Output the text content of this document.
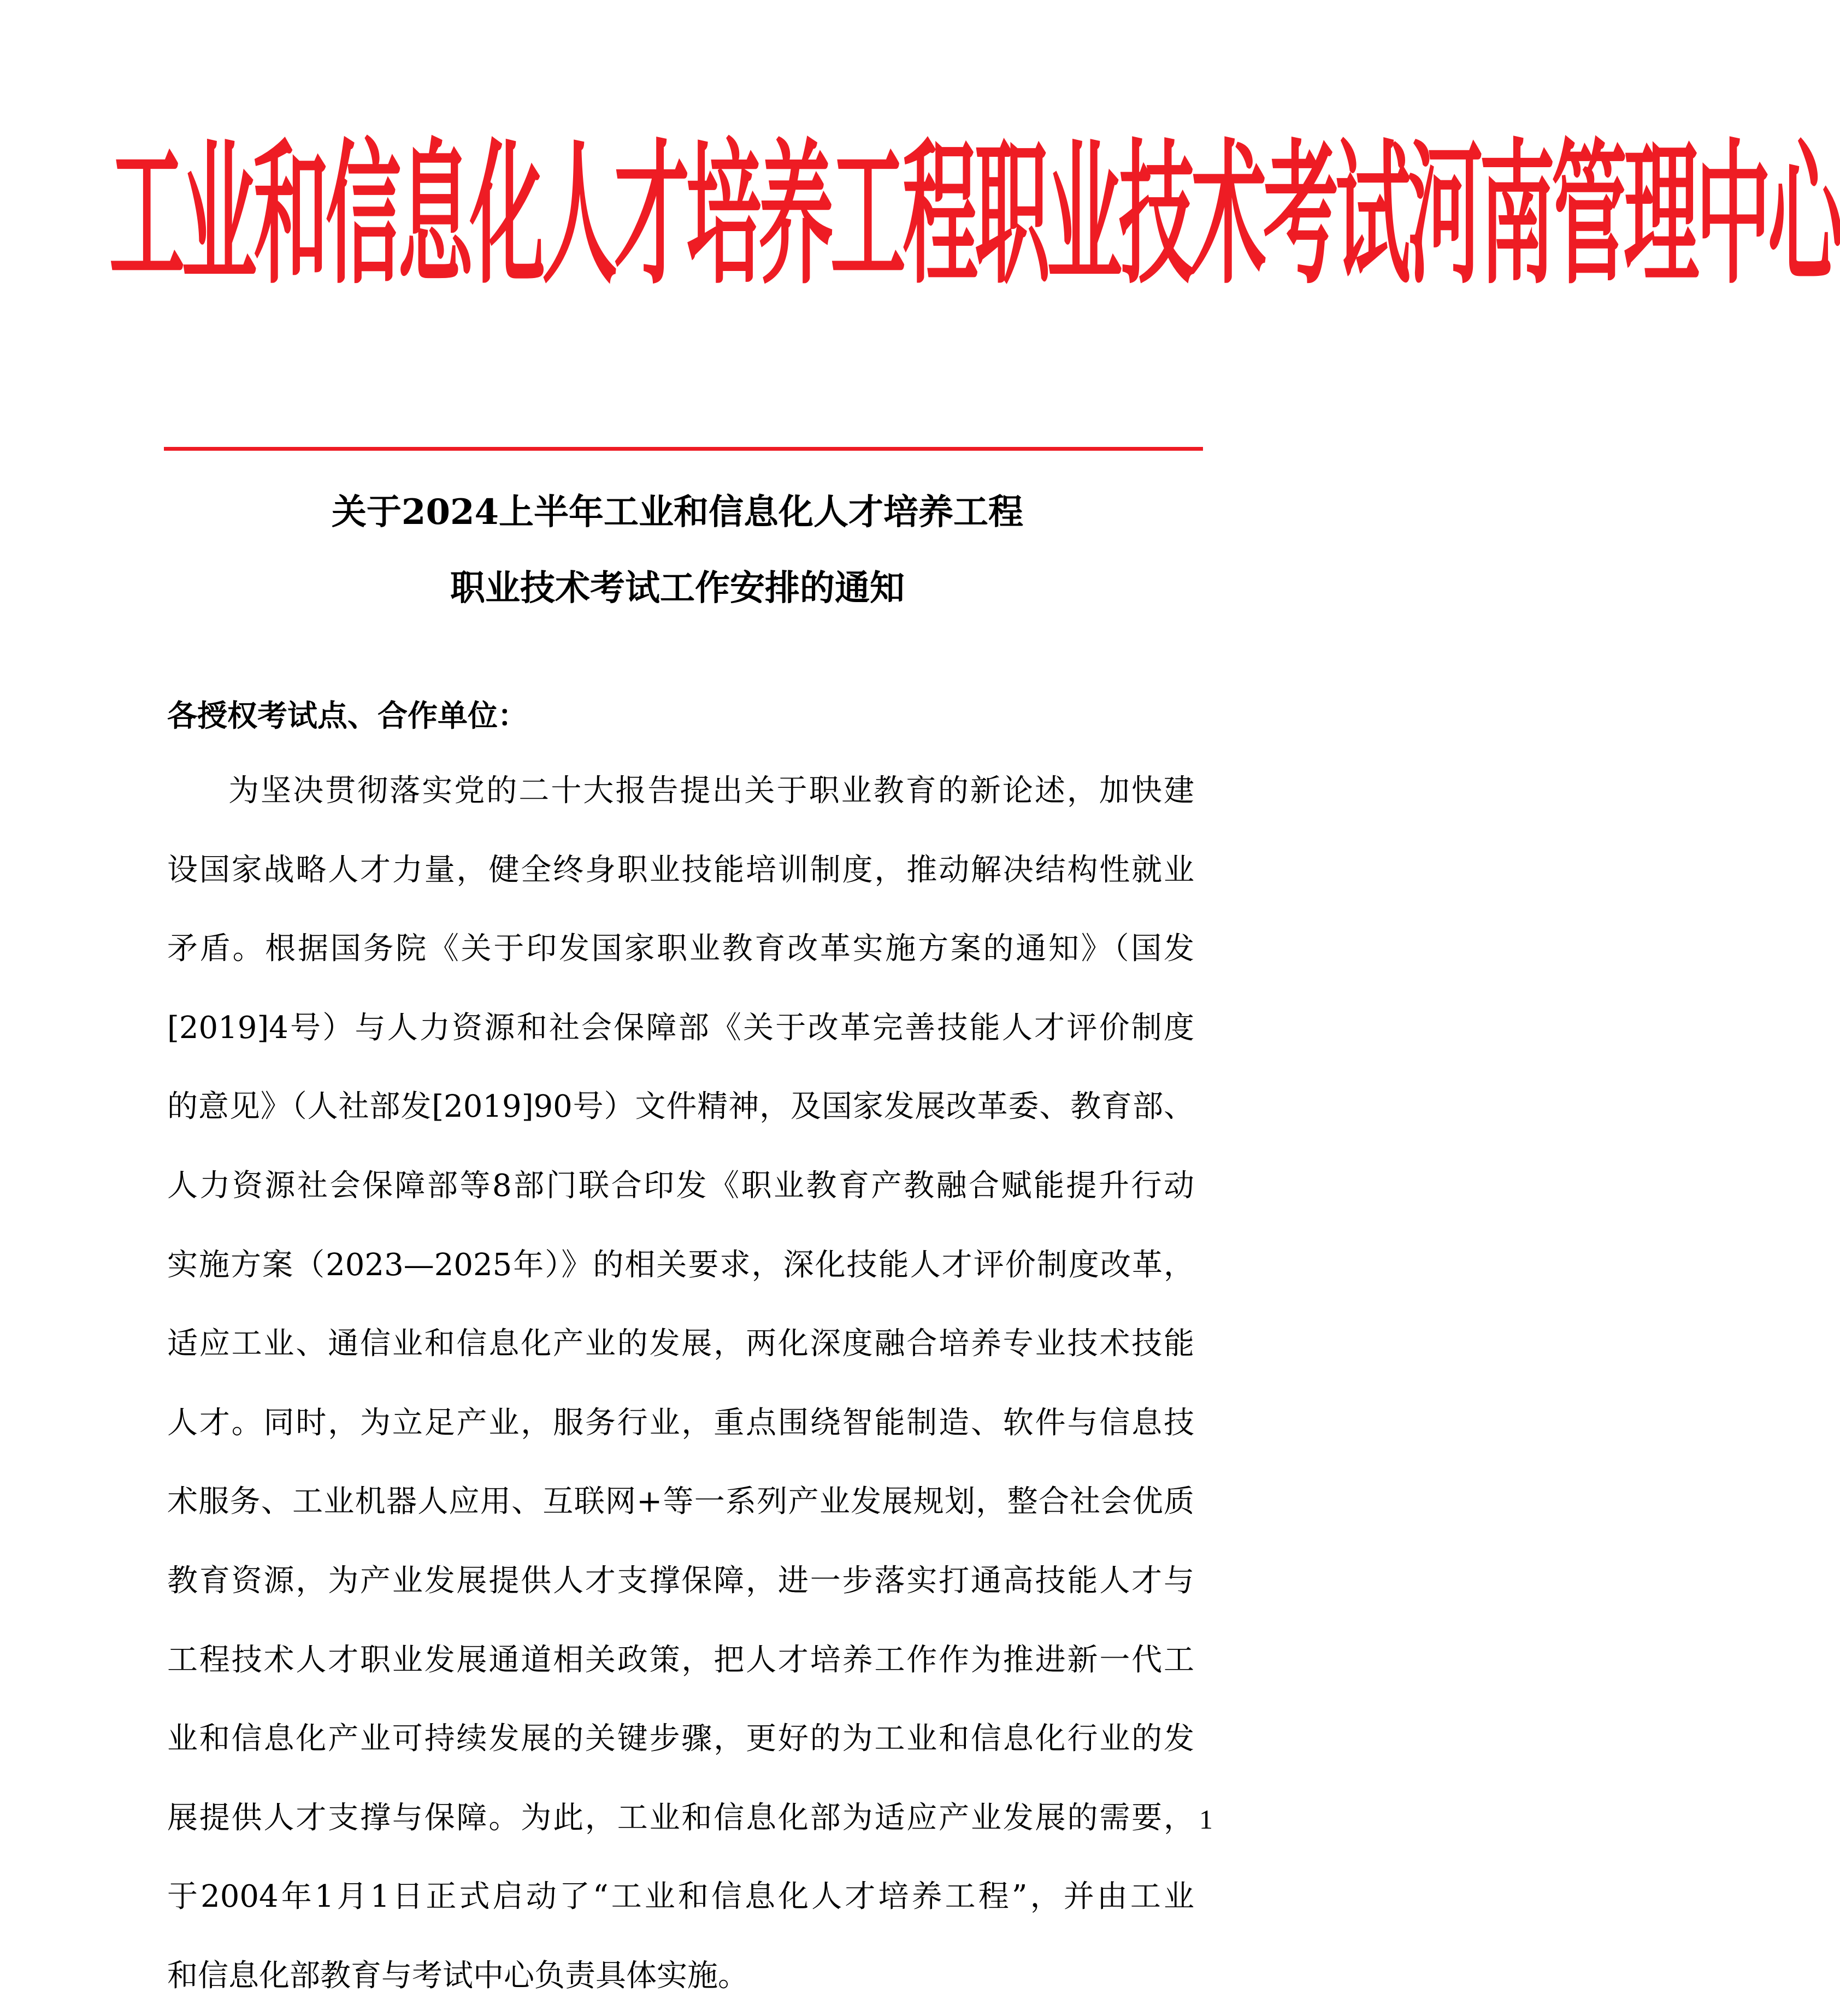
工业和信息化人才培养工程职业技术考试河南管理中心
关于2024上半年工业和信息化人才培养工程
职业技术考试工作安排的通知
各授权考试点、合作单位：
为坚决贯彻落实党的二十大报告提出关于职业教育的新论述，加快建
设国家战略人才力量，健全终身职业技能培训制度，推动解决结构性就业
矛盾。根据国务院《关于印发国家职业教育改革实施方案的通知》（国发
[2019]4号）与人力资源和社会保障部《关于改革完善技能人才评价制度
的意见》（人社部发[2019]90号）文件精神，及国家发展改革委、教育部、
人力资源社会保障部等8部门联合印发《职业教育产教融合赋能提升行动
实施方案（2023—2025年）》的相关要求，深化技能人才评价制度改革，
适应工业、通信业和信息化产业的发展，两化深度融合培养专业技术技能
人才。同时，为立足产业，服务行业，重点围绕智能制造、软件与信息技
术服务、工业机器人应用、互联网+等一系列产业发展规划，整合社会优质
教育资源，为产业发展提供人才支撑保障，进一步落实打通高技能人才与
工程技术人才职业发展通道相关政策，把人才培养工作作为推进新一代工
业和信息化产业可持续发展的关键步骤，更好的为工业和信息化行业的发
展提供人才支撑与保障。为此，工业和信息化部为适应产业发展的需要，
于2004年1月1日正式启动了“工业和信息化人才培养工程”，并由工业
和信息化部教育与考试中心负责具体实施。
1
